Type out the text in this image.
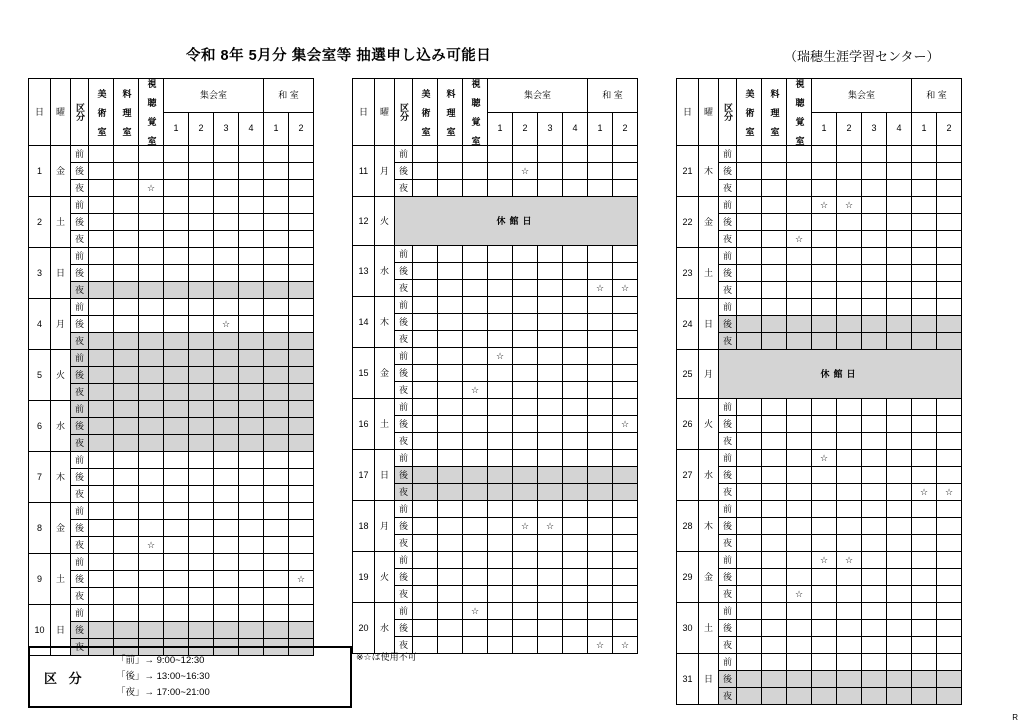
令和 8年 5月分 集会室等 抽選申し込み可能日	（瑞穂生涯学習センター）
日	曜	区分	美 術 室	料 理 室	視 聴 覚 室	集会室				和 室	
						1	2	3	4	1	2
1	金	前									
		後									
		夜			☆						
2	土	前									
		後									
		夜									
3	日	前									
		後									
		夜									
4	月	前									
		後						☆			
		夜									
5	火	前									
		後									
		夜									
6	水	前									
		後									
		夜									
7	木	前									
		後									
		夜									
8	金	前									
		後									
		夜			☆						
9	土	前									
		後									☆
		夜									
10	日	前									
		後									
		夜									
日	曜	区分	美 術 室	料 理 室	視 聴 覚 室	集会室				和 室	
						1	2	3	4	1	2
11	月	前									
		後					☆				
		夜									
12	火	休館日									

13	水	前									
		後									
		夜								☆	☆
14	木	前									
		後									
		夜									
15	金	前				☆					
		後									
		夜			☆						
16	土	前									
		後									☆
		夜									
17	日	前									
		後									
		夜									
18	月	前									
		後					☆	☆			
		夜									
19	火	前									
		後									
		夜									
20	水	前			☆						
		後									
		夜								☆	☆
日	曜	区分	美 術 室	料 理 室	視 聴 覚 室	集会室				和 室	
						1	2	3	4	1	2
21	木	前									
		後									
		夜									
22	金	前				☆	☆				
		後									
		夜			☆						
23	土	前									
		後									
		夜									
24	日	前									
		後									
		夜									
25	月	休館日									

26	火	前									
		後									
		夜									
27	水	前				☆					
		後									
		夜								☆	☆
28	木	前									
		後									
		夜									
29	金	前				☆	☆				
		後									
		夜			☆						
30	土	前									
		後									
		夜									
31	日	前									
		後									
		夜									
区 分
「前」→ 9:00~12:30
「後」→ 13:00~16:30
「夜」→ 17:00~21:00
※☆は使用不可
R
